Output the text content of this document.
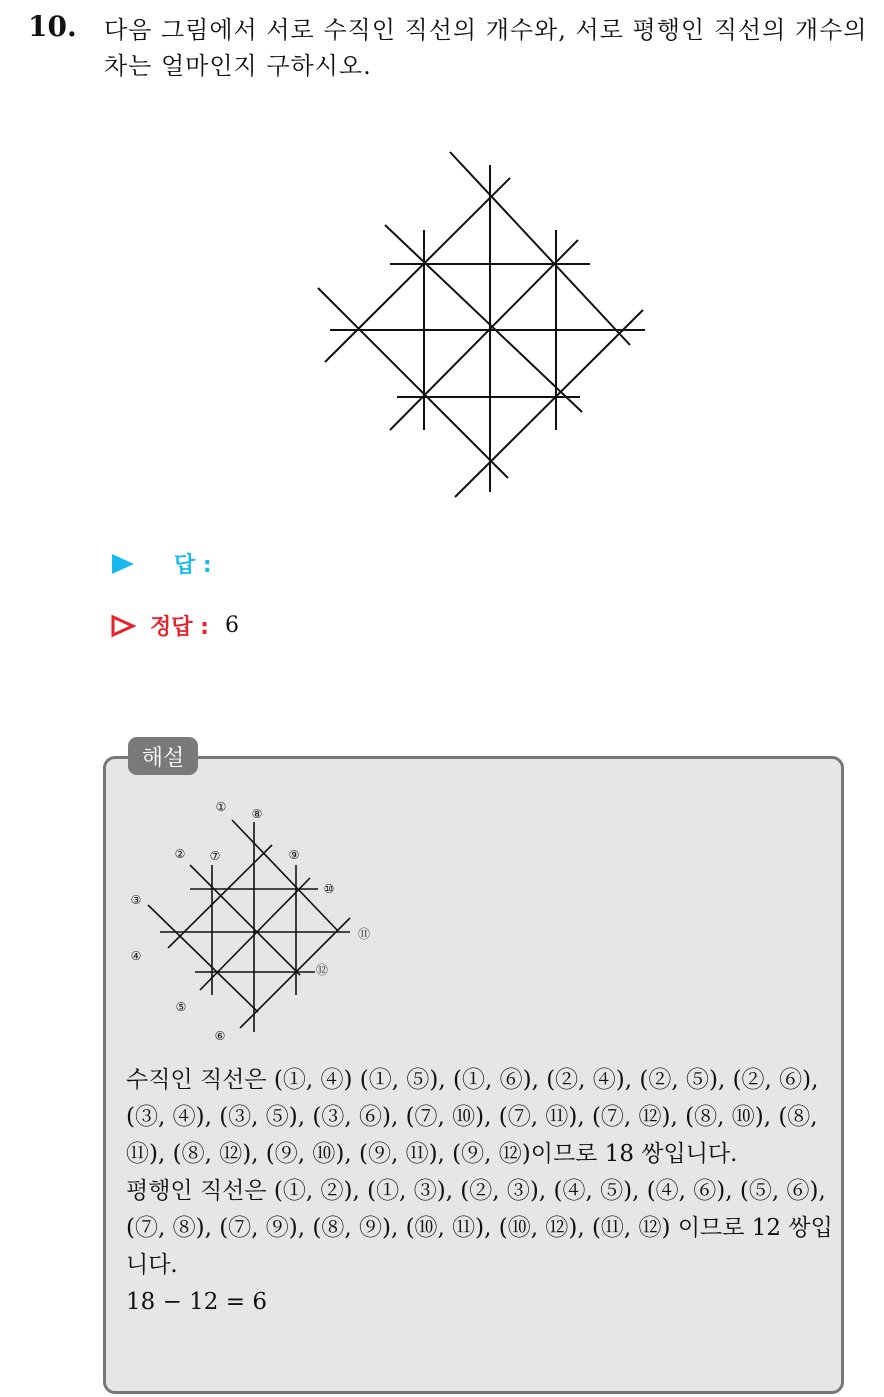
10. 다음 그림에서 서로 수직인 직선의 개수와, 서로 평행인 직선의 개수의 차는 얼마인지 구하시오.
답 :
정답 : 6
해설
① ⑧
② ⑦	⑨
⑩
③
⑪
④
⑫
⑤
⑥

수직인 직선은 (①, ④) (①, ⑤), (①, ⑥), (②, ④), (②, ⑤), (②, ⑥), (③, ④), (③, ⑤), (③, ⑥), (⑦, ⑩), (⑦, ⑪), (⑦, ⑫), (⑧, ⑩), (⑧, ⑪), (⑧, ⑫), (⑨, ⑩), (⑨, ⑪), (⑨, ⑫)이므로 18 쌍입니다.

평행인 직선은 (①, ②), (①, ③), (②, ③), (④, ⑤), (④, ⑥), (⑤, ⑥), (⑦, ⑧), (⑦, ⑨), (⑧, ⑨), (⑩, ⑪), (⑩, ⑫), (⑪, ⑫) 이므로 12 쌍입니다.

18 − 12 = 6
